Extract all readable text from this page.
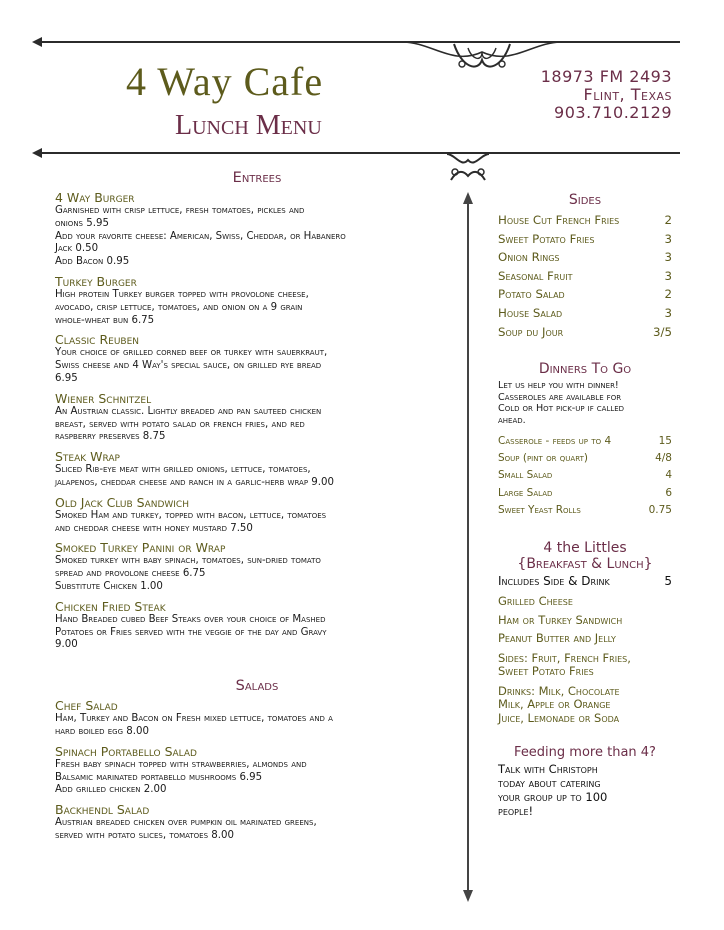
4 Way Cafe
Lunch Menu
18973 FM 2493
Flint, Texas
903.710.2129
Entrees
4 Way Burger
Garnished with crisp lettuce, fresh tomatoes, pickles and
onions 5.95
Add your favorite cheese: American, Swiss, Cheddar, or Habanero
Jack 0.50
Add Bacon 0.95
Turkey Burger
High protein Turkey burger topped with provolone cheese,
avocado, crisp lettuce, tomatoes, and onion on a 9 grain
whole-wheat bun 6.75
Classic Reuben
Your choice of grilled corned beef or turkey with sauerkraut,
Swiss cheese and 4 Way's special sauce, on grilled rye bread
6.95
Wiener Schnitzel
An Austrian classic. Lightly breaded and pan sauteed chicken
breast, served with potato salad or french fries, and red
raspberry preserves 8.75
Steak Wrap
Sliced Rib-eye meat with grilled onions, lettuce, tomatoes,
jalapenos, cheddar cheese and ranch in a garlic-herb wrap 9.00
Old Jack Club Sandwich
Smoked Ham and turkey, topped with bacon, lettuce, tomatoes
and cheddar cheese with honey mustard 7.50
Smoked Turkey Panini or Wrap
Smoked turkey with baby spinach, tomatoes, sun-dried tomato
spread and provolone cheese 6.75
Substitute Chicken 1.00
Chicken Fried Steak
Hand Breaded cubed Beef Steaks over your choice of Mashed
Potatoes or Fries served with the veggie of the day and Gravy
9.00
Salads
Chef Salad
Ham, Turkey and Bacon on Fresh mixed lettuce, tomatoes and a
hard boiled egg 8.00
Spinach Portabello Salad
Fresh baby spinach topped with strawberries, almonds and
Balsamic marinated portabello mushrooms 6.95
Add grilled chicken 2.00
Backhendl Salad
Austrian breaded chicken over pumpkin oil marinated greens,
served with potato slices, tomatoes 8.00
Sides
House Cut French Fries	2
Sweet Potato Fries	3
Onion Rings	3
Seasonal Fruit	3
Potato Salad	2
House Salad	3
Soup du Jour	3/5
Dinners To Go
Let us help you with dinner!
Casseroles are available for
Cold or Hot pick-up if called
ahead.
Casserole - feeds up to 4	15
Soup (pint or quart)	4/8
Small Salad	4
Large Salad	6
Sweet Yeast Rolls	0.75
4 the Littles
{Breakfast & Lunch}
Includes Side & Drink	5
Grilled Cheese
Ham or Turkey Sandwich
Peanut Butter and Jelly
Sides: Fruit, French Fries,
Sweet Potato Fries
Drinks: Milk, Chocolate
Milk, Apple or Orange
Juice, Lemonade or Soda
Feeding more than 4?
Talk with Christoph
today about catering
your group up to 100
people!
